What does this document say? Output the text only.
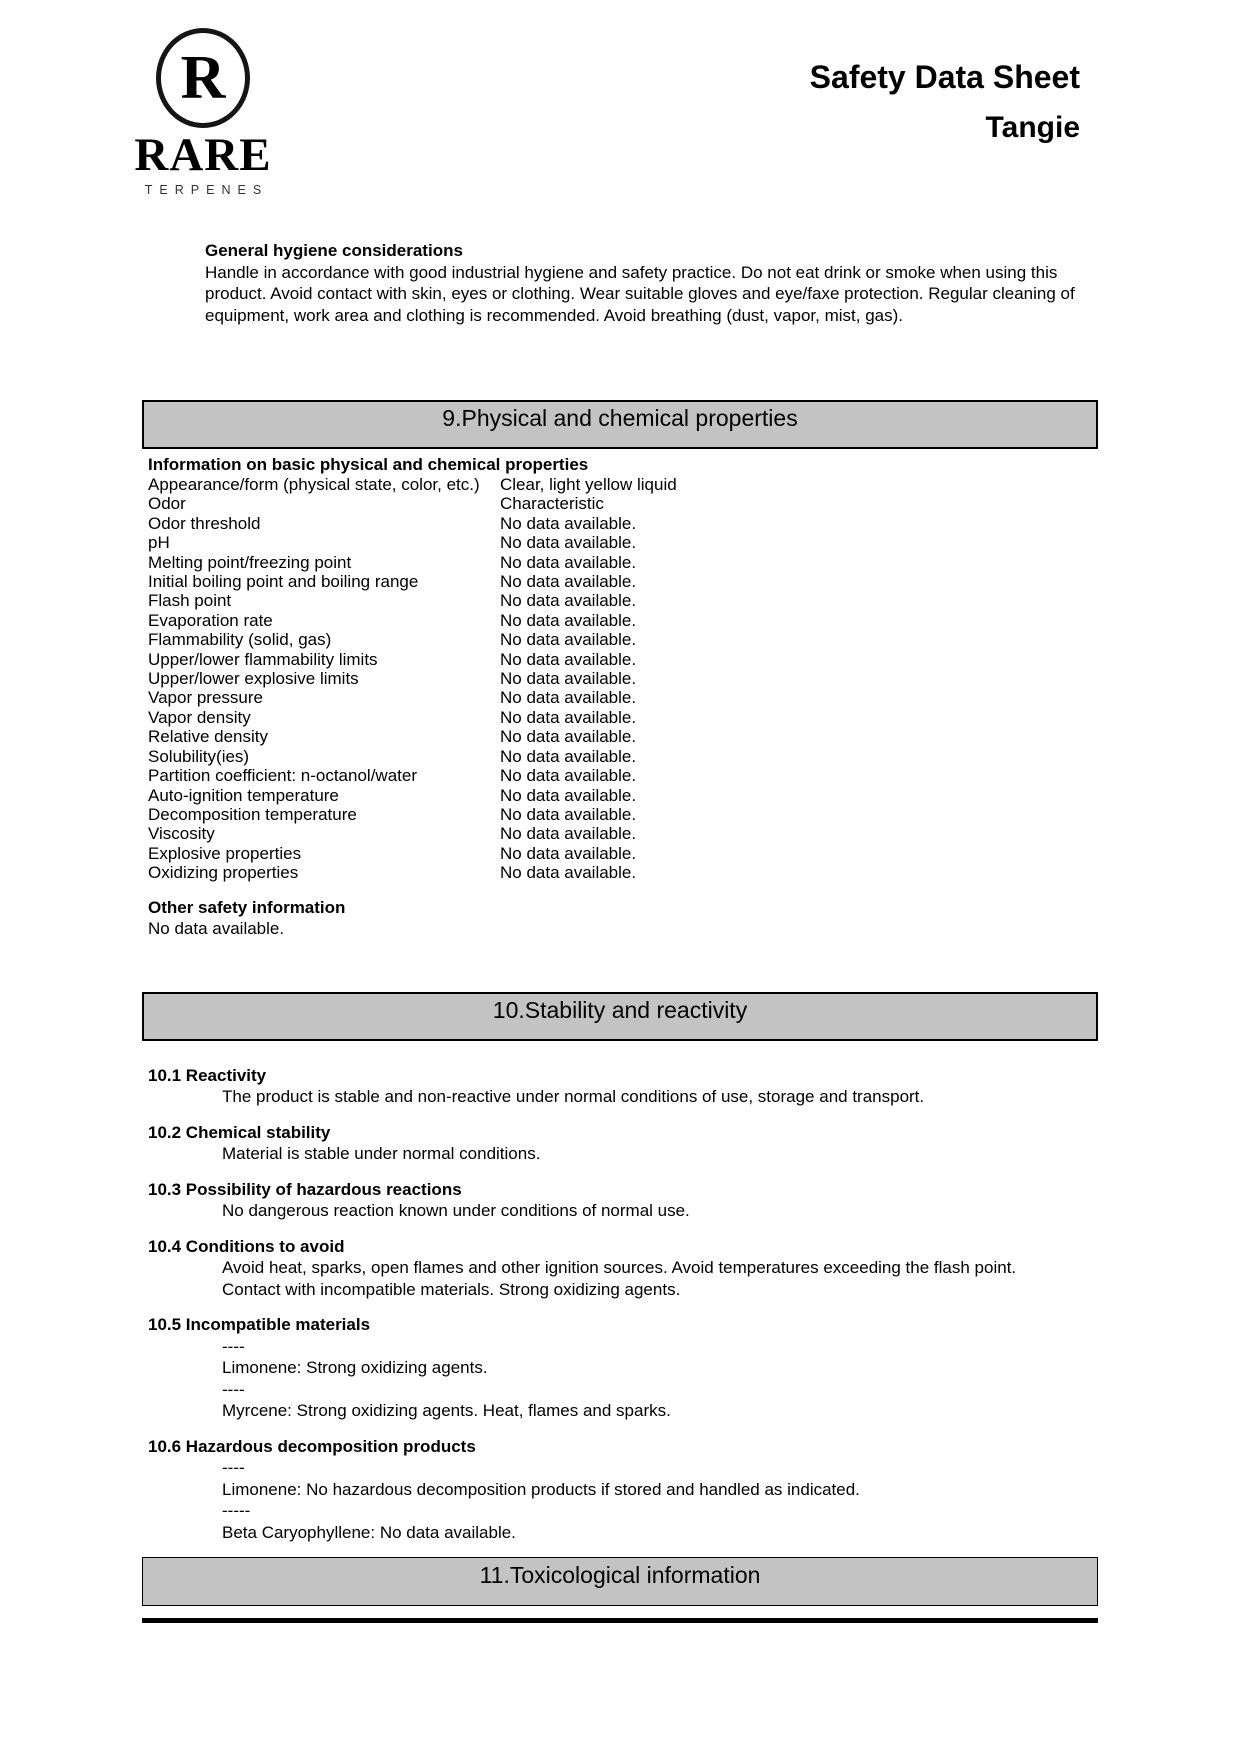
R
RARE
TERPENES
Safety Data Sheet
Tangie
General hygiene considerations

Handle in accordance with good industrial hygiene and safety practice. Do not eat drink or smoke when using this product. Avoid contact with skin, eyes or clothing. Wear suitable gloves and eye/faxe protection. Regular cleaning of equipment, work area and clothing is recommended. Avoid breathing (dust, vapor, mist, gas).

9.Physical and chemical properties
Information on basic physical and chemical properties
Appearance/form (physical state, color, etc.)	Clear, light yellow liquid
Odor	Characteristic
Odor threshold	No data available.
pH	No data available.
Melting point/freezing point	No data available.
Initial boiling point and boiling range	No data available.
Flash point	No data available.
Evaporation rate	No data available.
Flammability (solid, gas)	No data available.
Upper/lower flammability limits	No data available.
Upper/lower explosive limits	No data available.
Vapor pressure	No data available.
Vapor density	No data available.
Relative density	No data available.
Solubility(ies)	No data available.
Partition coefficient: n-octanol/water	No data available.
Auto-ignition temperature	No data available.
Decomposition temperature	No data available.
Viscosity	No data available.
Explosive properties	No data available.
Oxidizing properties	No data available.
Other safety information
No data available.
10.Stability and reactivity
10.1 Reactivity
The product is stable and non-reactive under normal conditions of use, storage and transport.
10.2 Chemical stability
Material is stable under normal conditions.
10.3 Possibility of hazardous reactions
No dangerous reaction known under conditions of normal use.
10.4 Conditions to avoid
Avoid heat, sparks, open flames and other ignition sources. Avoid temperatures exceeding the flash point.
Contact with incompatible materials. Strong oxidizing agents.
10.5 Incompatible materials
----
Limonene: Strong oxidizing agents.
----
Myrcene: Strong oxidizing agents. Heat, flames and sparks.
10.6 Hazardous decomposition products
----
Limonene: No hazardous decomposition products if stored and handled as indicated.
-----
Beta Caryophyllene: No data available.
11.Toxicological information
